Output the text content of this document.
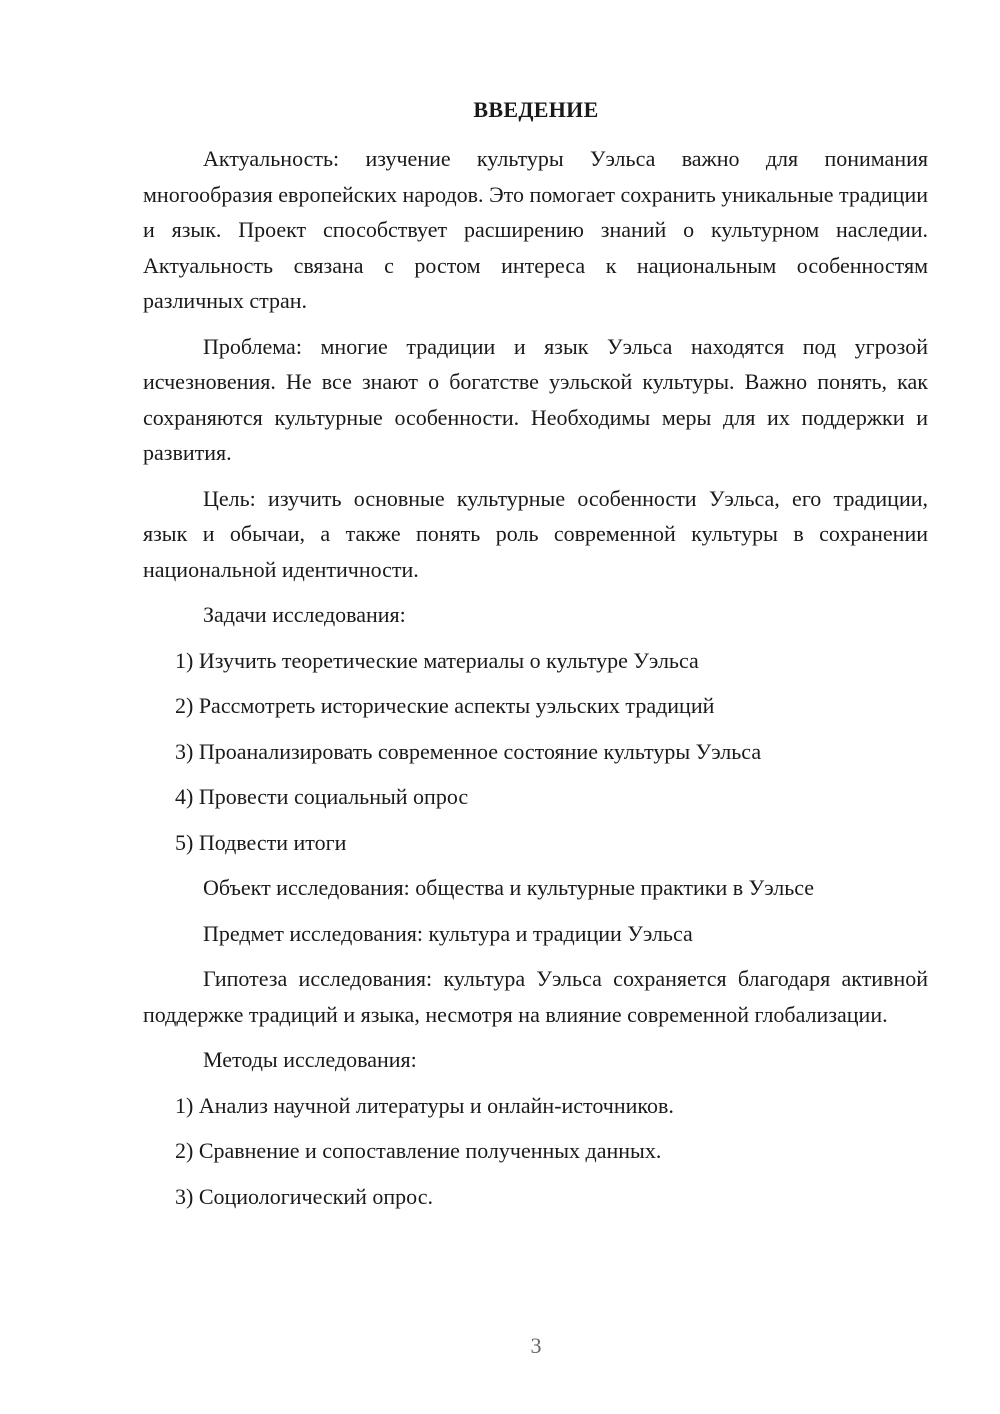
ВВЕДЕНИЕ

Актуальность: изучение культуры Уэльса важно для понимания многообразия европейских народов. Это помогает сохранить уникальные традиции и язык. Проект способствует расширению знаний о культурном наследии. Актуальность связана с ростом интереса к национальным особенностям различных стран.

Проблема: многие традиции и язык Уэльса находятся под угрозой исчезновения. Не все знают о богатстве уэльской культуры. Важно понять, как сохраняются культурные особенности. Необходимы меры для их поддержки и развития.

Цель: изучить основные культурные особенности Уэльса, его традиции, язык и обычаи, а также понять роль современной культуры в сохранении национальной идентичности.

Задачи исследования:

1) Изучить теоретические материалы о культуре Уэльса

2) Рассмотреть исторические аспекты уэльских традиций

3) Проанализировать современное состояние культуры Уэльса

4) Провести социальный опрос

5) Подвести итоги

Объект исследования: общества и культурные практики в Уэльсе

Предмет исследования: культура и традиции Уэльса

Гипотеза исследования: культура Уэльса сохраняется благодаря активной поддержке традиций и языка, несмотря на влияние современной глобализации.

Методы исследования:

1) Анализ научной литературы и онлайн-источников.

2) Сравнение и сопоставление полученных данных.

3) Социологический опрос.

3
